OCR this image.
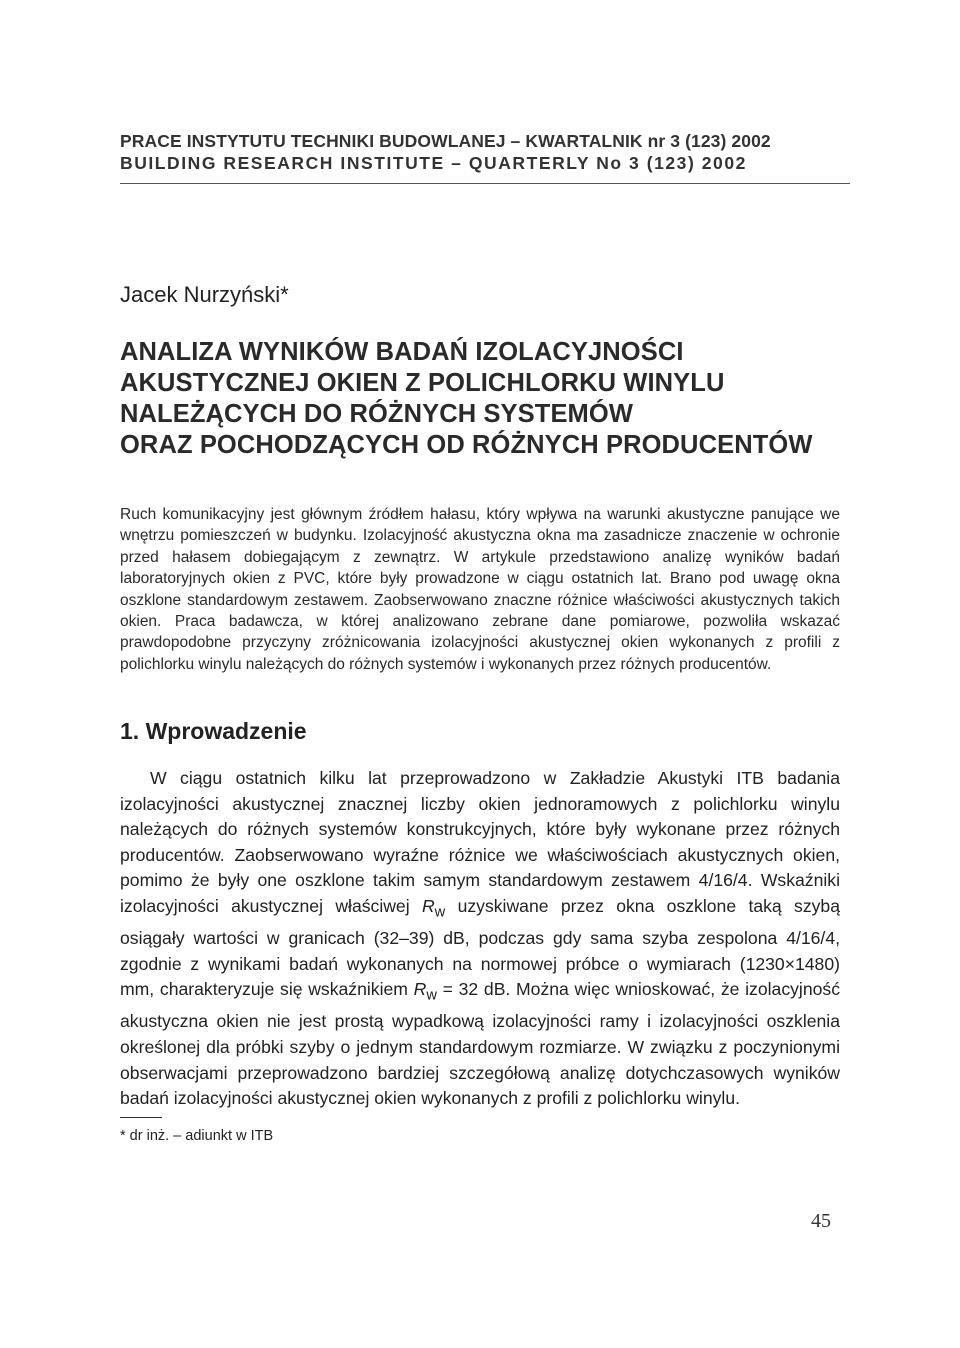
PRACE INSTYTUTU TECHNIKI BUDOWLANEJ – KWARTALNIK nr 3 (123) 2002
BUILDING RESEARCH INSTITUTE – QUARTERLY No 3 (123) 2002
Jacek Nurzyński*
ANALIZA WYNIKÓW BADAŃ IZOLACYJNOŚCI
AKUSTYCZNEJ OKIEN Z POLICHLORKU WINYLU
NALEŻĄCYCH DO RÓŻNYCH SYSTEMÓW
ORAZ POCHODZĄCYCH OD RÓŻNYCH PRODUCENTÓW
Ruch komunikacyjny jest głównym źródłem hałasu, który wpływa na warunki akustyczne panujące we wnętrzu pomieszczeń w budynku. Izolacyjność akustyczna okna ma zasadnicze znaczenie w ochronie przed hałasem dobiegającym z zewnątrz. W artykule przedstawiono analizę wyników badań laboratoryjnych okien z PVC, które były prowadzone w ciągu ostatnich lat. Brano pod uwagę okna oszklone standardowym zestawem. Zaobserwowano znaczne różnice właściwości akustycznych takich okien. Praca badawcza, w której analizowano zebrane dane pomiarowe, pozwoliła wskazać prawdopodobne przyczyny zróżnicowania izolacyjności akustycznej okien wykonanych z profili z polichlorku winylu należących do różnych systemów i wykonanych przez różnych producentów.
1. Wprowadzenie
W ciągu ostatnich kilku lat przeprowadzono w Zakładzie Akustyki ITB badania izolacyjności akustycznej znacznej liczby okien jednoramowych z polichlorku winylu należących do różnych systemów konstrukcyjnych, które były wykonane przez różnych producentów. Zaobserwowano wyraźne różnice we właściwościach akustycznych okien, pomimo że były one oszklone takim samym standardowym zestawem 4/16/4. Wskaźniki izolacyjności akustycznej właściwej $R_w$ uzyskiwane przez okna oszklone taką szybą osiągały wartości w granicach (32–39) dB, podczas gdy sama szyba zespolona 4/16/4, zgodnie z wynikami badań wykonanych na normowej próbce o wymiarach (1230×1480) mm, charakteryzuje się wskaźnikiem $R_w = 32$ dB. Można więc wnioskować, że izolacyjność akustyczna okien nie jest prostą wypadkową izolacyjności ramy i izolacyjności oszklenia określonej dla próbki szyby o jednym standardowym rozmiarze. W związku z poczynionymi obserwacjami przeprowadzono bardziej szczegółową analizę dotychczasowych wyników badań izolacyjności akustycznej okien wykonanych z profili z polichlorku winylu.
* dr inż. – adiunkt w ITB
45
